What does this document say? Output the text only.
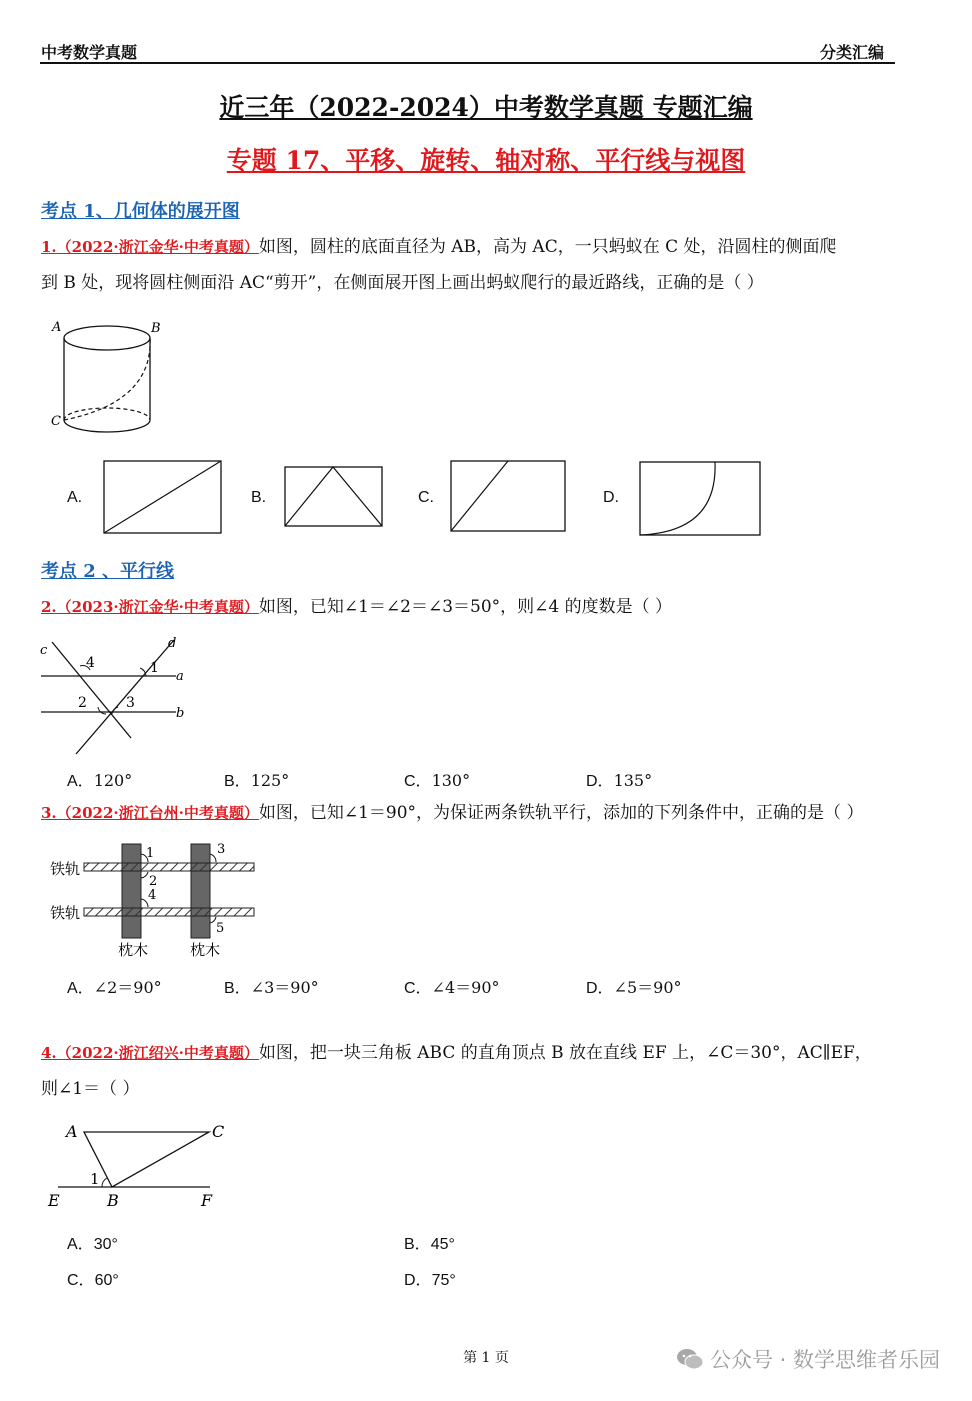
中考数学真题	分类汇编
近三年（2022-2024）中考数学真题 专题汇编
专题 17、平移、旋转、轴对称、平行线与视图
考点 1、几何体的展开图
1.（2022·浙江金华·中考真题）如图，圆柱的底面直径为 AB，高为 AC，一只蚂蚁在 C 处，沿圆柱的侧面爬
到 B 处，现将圆柱侧面沿 AC“剪开”，在侧面展开图上画出蚂蚁爬行的最近路线，正确的是（ ）
A	B
C
A.	B.	C.	D.
考点 2 、平行线
2.（2023·浙江金华·中考真题）如图，已知∠1＝∠2＝∠3＝50°，则∠4 的度数是（ ）
c	d
4	1
a
2	3
b
A．120°	B．125°	C．130°	D．135°
3.（2022·浙江台州·中考真题）如图，已知∠1＝90°，为保证两条铁轨平行，添加的下列条件中，正确的是（ ）
铁轨
铁轨
枕木	枕木
1
2
3
4
5
A．∠2＝90°	B．∠3＝90°	C．∠4＝90°	D．∠5＝90°
4.（2022·浙江绍兴·中考真题）如图，把一块三角板 ABC 的直角顶点 B 放在直线 EF 上，∠C＝30°，AC∥EF，
则∠1＝（ ）
A	C
1
E	B	F
A．30°	B．45°
C．60°	D．75°
第 1 页	公众号 · 数学思维者乐园
